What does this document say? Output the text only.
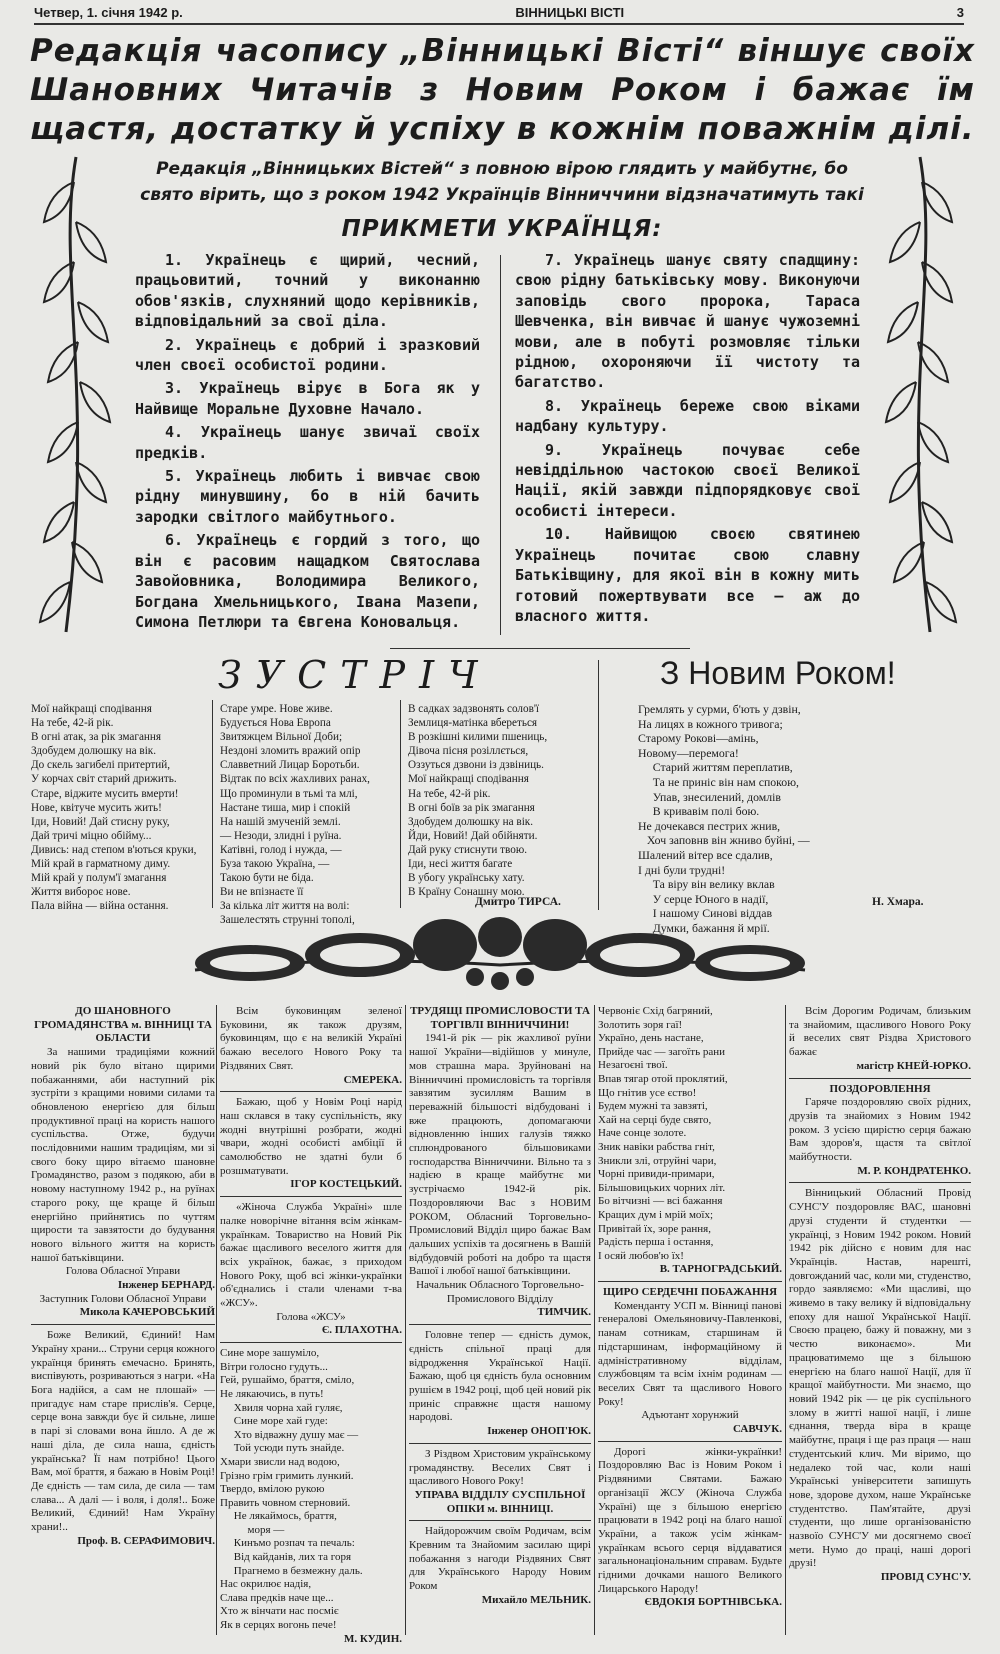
Четвер, 1. січня 1942 р.	ВІННИЦЬКІ ВІСТІ	3
Редакція часопису „Вінницькі Вісті“ віншує своїх Шановних Читачів з Новим Роком і бажає їм щастя, достатку й успіху в кожнім поважнім ділі.
Редакція „Вінницьких Вістей“ з повною вірою глядить у майбутнє, бо свято вірить, що з роком 1942 Українців Вінниччини відзначатимуть такі
ПРИКМЕТИ УКРАЇНЦЯ:

1. Українець є щирий, чесний, працьовитий, точний у виконанню обов'язків, слухняний щодо керівників, відповідальний за свої діла.

2. Українець є добрий і зразковий член своєї особистої родини.

3. Українець вірує в Бога як у Найвище Моральне Духовне Начало.

4. Українець шанує звичаї своїх предків.

5. Українець любить і вивчає свою рідну минувшину, бо в ній бачить зародки світлого майбутнього.

6. Українець є гордий з того, що він є расовим нащадком Святослава Завойовника, Володимира Великого, Богдана Хмельницького, Івана Мазепи, Симона Петлюри та Євгена Коновальця.

7. Українець шанує святу спадщину: свою рідну батьківську мову. Виконуючи заповідь свого пророка, Тараса Шевченка, він вивчає й шанує чужоземні мови, але в побуті розмовляє тільки рідною, охороняючи її чистоту та багатство.

8. Українець береже свою віками надбану культуру.

9. Українець почуває себе невіддільною частокою своєї Великої Нації, якій завжди підпорядковує свої особисті інтереси.

10. Найвищою своєю святинею Українець почитає свою славну Батьківщину, для якої він в кожну мить готовий пожертвувати все — аж до власного життя.

ЗУСТРІЧ
Мої найкращі сподівання
На тебе, 42-й рік.
В огні атак, за рік змагання
Здобудем долюшку на вік.
До скель загибелі притертий,
У корчах світ старий дрижить.
Старе, віджите мусить вмерти!
Нове, квітуче мусить жить!
Іди, Новий! Дай стисну руку,
Дай тричі міцно обійму...
Дивись: над степом в'ються круки,
Мій край в гарматному диму.
Мій край у полум'ї змагання
Життя вибороє нове.
Пала війна — війна остання.
Старе умре. Нове живе.
Будується Нова Европа
Звитяжцем Вільної Доби;
Нездоні зломить вражий опір
Славветний Лицар Боротьби.
Відтак по всіх жахливих ранах,
Що проминули в тьмі та млі,
Настане тиша, мир і спокій
На нашій змученій землі.
— Незоди, злидні і руїна.
Катівні, голод і нужда, —
Буза такою Україна, —
Такою бути не біда.
Ви не впізнаєте її
За кілька літ життя на волі:
Зашелестять струнні тополі,
В садках задзвонять солов'ї
Землиця-матінка вбереться
В розкішні килими пшениць,
Дівоча пісня розіллється,
Оззуться дзвони із дзвіниць.
Мої найкращі сподівання
На тебе, 42-й рік.
В огні боїв за рік змагання
Здобудем долюшку на вік.
Йди, Новий! Дай обійняти.
Дай руку стиснути твою.
Іди, несі життя багате
В убогу українську хату.
В Країну Сонашну мою.
Дмитро ТИРСА.
З Новим Роком!
Гремлять у сурми, б'ють у дзвін,
На лицях в кожного тривога;
Старому Рокові—амінь,
Новому—перемога!
Старий життям переплатив,
Та не приніс він нам спокою,
Упав, знесилений, домлів
В кривавім полі бою.
Не дочекався пестрих жнив,
Хоч заповнв він жниво буйні, —
Шалений вітер все сдалив,
І дні були трудні!
Та віру він велику вклав
У серце Юного в надії,
І нашому Синові віддав
Думки, бажання й мрії.
Н. Хмара.

ДО ШАНОВНОГО ГРОМАДЯНСТВА м. ВІННИЦІ ТА ОБЛАСТИ

За нашими традиціями кожний новий рік було вітано щирими побажаннями, аби наступний рік зустріти з кращими новими силами та обновленою енергією для більш продуктивної праці на користь нашого суспільства. Отже, будучи послідовними нашим традиціям, ми зі свого боку щиро вітаємо шановне Громадянство, разом з подякою, аби в новому наступному 1942 р., на руїнах старого року, ще краще й більш енергійно прийнятись по чуттям щирости та завзятости до будування нового вільного життя на користь нашої батьківщини.

Голова Обласної Управи

Інженер БЕРНАРД.

Заступник Голови Обласної Управи

Микола КАЧЕРОВСЬКИЙ

Боже Великий, Єдиний! Нам Україну храни... Струни серця кожного українця бринять ємечасно. Бринять, виспівують, розриваються з нагри. «На Бога надійся, а сам не плошай» — пригадує нам старе прислів'я. Серце, серце вона завжди бує й сильне, лише в парі зі словами вона йшло. А де ж наші діла, де сила наша, єдність українська? Її нам потрібно! Цього Вам, мої браття, я бажаю в Новім Році! Де єдність — там сила, де сила — там слава... А далі — і воля, і доля!.. Боже Великий, Єдиний! Нам Україну храни!..

Проф. В. СЕРАФИМОВИЧ.

Всім буковинцям зеленої Буковини, як також друзям, буковинцям, що є на великій Україні бажаю веселого Нового Року та Різдвяних Свят.

СМЕРЕКА.

Бажаю, щоб у Новім Році нарід наш склався в таку суспільність, яку жодні внутрішні розбрати, жодні чвари, жодні особисті амбіції й самолюбство не здатні були б розшматувати.

ІГОР КОСТЕЦЬКИЙ.

«Жіноча Служба Україні» шле палке новорічне вітання всім жінкам-українкам. Товариство на Новий Рік бажає щасливого веселого життя для всіх українок, бажає, з приходом Нового Року, щоб всі жінки-українки об'єднались і стали членами т-ва «ЖСУ».

Голова «ЖСУ»

Є. ПЛАХОТНА.

Сине море зашуміло,
Вітри голосно гудуть...
Гей, рушаймо, браття, сміло,
Не лякаючись, в путь!
Хвиля чорна хай гуляє,
Сине море хай гуде:
Хто відважну душу має —
Той усюди путь знайде.
Хмари звисли над водою,
Грізно грім гримить лункий.
Твердо, вмілою рукою
Править човном стерновий.
Не лякаймось, браття,
моря —
Кинъмо розпач та печаль:
Від кайданів, лих та горя
Прагнемо в безмежну даль.
Нас окрилює надія,
Слава предків наче ще...
Хто ж вінчати нас посміє
Як в серцях вогонь пече!

М. КУДИН.

ТРУДЯЩІ ПРОМИСЛОВОСТИ ТА ТОРГІВЛІ ВІННИЧЧИНИ!

1941-й рік — рік жахливої руїни нашої України—відійшов у минуле, мов страшна мара. Зруйновані на Вінниччині промисловість та торгівля завзятим зусиллям Вашим в переважній більшості відбудовані і вже працюють, допомагаючи відновленню інших галузів тяжко сплюндрованого більшовиками господарства Вінниччини. Вільно та з надією в краще майбутнє ми зустрічаємо 1942-й рік. Поздоровляючи Вас з НОВИМ РОКОМ, Обласний Торговельно-Промисловий Відділ щиро бажає Вам дальших успіхів та досягнень в Вашій відбудовчій роботі на добро та щастя Вашої і любої нашої батьківщини.

Начальник Обласного Торговельно-Промислового Відділу

ТИМЧИК.

Головне тепер — єдність думок, єдність спільної праці для відродження Української Нації. Бажаю, щоб ця єдність була основним рушієм в 1942 році, щоб цей новий рік приніс справжнє щастя нашому народові.

Інженер ОНОП'ЮК.

З Різдвом Христовим українському громадянству. Веселих Свят і щасливого Нового Року!

УПРАВА ВІДДІЛУ СУСПІЛЬНОЇ ОПІКИ м. ВІННИЦІ.

Найдорожчим своїм Родичам, всім Кревним та Знайомим засилаю щирі побажання з нагоди Різдвяних Свят для Українського Народу Новим Роком

Михайло МЕЛЬНИК.

Червоніє Схід багряний,
Золотить зоря гаї!
Україно, день настане,
Прийде час — загоїть рани
Незагоєні твої.
Впав тягар отой проклятий,
Що гнітив усе єство!
Будем мужні та завзяті,
Хай на серці буде свято,
Наче сонце золоте.
Зник навіки рабства гніт,
Зникли злі, отруйні чари,
Чорні привиди-примари,
Більшовицьких чорних літ.
Бо вітчизні — всі бажання
Кращих дум і мрій моїх;
Привітай їх, зоре рання,
Радість перша і остання,
І осяй любов'ю їх!

В. ТАРНОГРАДСЬКИЙ.

ЩИРО СЕРДЕЧНІ ПОБАЖАННЯ

Коменданту УСП м. Вінниці панові генералові Омельяновичу-Павленкові, панам сотникам, старшинам й підстаршинам, інформаційному й адміністративному відділам, службовцям та всім іхнім родинам — веселих Свят та щасливого Нового Року!

Адъютант хорунжий

САВЧУК.

Дорогі жінки-українки! Поздоровляю Вас із Новим Роком і Різдвяними Святами. Бажаю організації ЖСУ (Жіноча Служба Україні) ще з більшою енергією працювати в 1942 році на благо нашої України, а також усім жінкам-українкам всього серця віддаватися загальнонаціональним справам. Будьте гідними дочками нашого Великого Лицарського Народу!

ЄВДОКІЯ БОРТНІВСЬКА.

Всім Дорогим Родичам, близьким та знайомим, щасливого Нового Року й веселих свят Різдва Христового бажає

магістр КНЕЙ-ЮРКО.

ПОЗДОРОВЛЕННЯ

Гаряче поздоровляю своїх рідних, друзів та знайомих з Новим 1942 роком. З усією щирістю серця бажаю Вам здоров'я, щастя та світлої майбутности.

М. Р. КОНДРАТЕНКО.

Вінницький Обласний Провід СУНС'У поздоровляє ВАС, шановні друзі студенти й студентки — українці, з Новим 1942 роком. Новий 1942 рік дійсно є новим для нас Українців. Настав, нарешті, довгожданий час, коли ми, студенство, гордо заявляємо: «Ми щасливі, що живемо в таку велику й відповідальну епоху для нашої Української Нації. Своєю працею, бажу й поважну, ми з честю виконаємо». Ми працюватимемо ще з більшою енергією на благо нашої Нації, для її кращої майбутности. Ми знаємо, що новий 1942 рік — це рік суспільного злому в житті нашої нації, і лише єднання, тверда віра в краще майбутнє, праця і ще раз праця — наш студентський клич. Ми віримо, що недалеко той час, коли наші Українські університети запишуть нове, здорове духом, наше Українське студентство. Пам'ятайте, друзі студенти, що лише організованістю назвоїо СУНС'У ми досягнемо своєї мети. Нумо до праці, наші дорогі друзі!

ПРОВІД СУНС'У.
